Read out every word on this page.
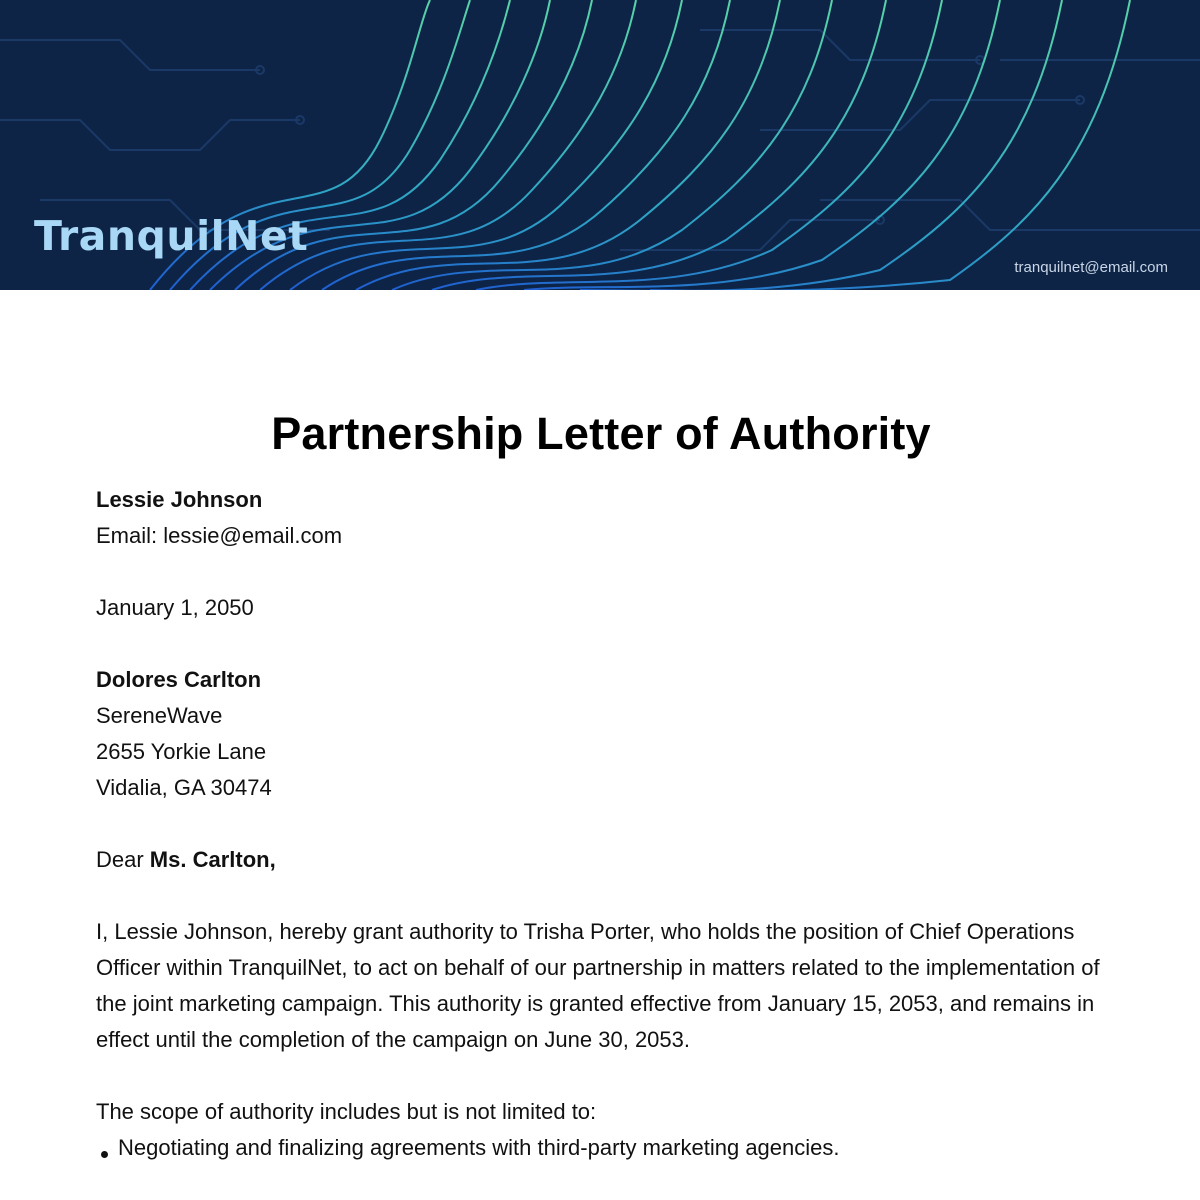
TranquilNet
tranquilnet@email.com
Partnership Letter of Authority
Lessie Johnson
Email: lessie@email.com
January 1, 2050
Dolores Carlton
SereneWave
2655 Yorkie Lane
Vidalia, GA 30474
Dear Ms. Carlton,
I, Lessie Johnson, hereby grant authority to Trisha Porter, who holds the position of Chief Operations Officer within TranquilNet, to act on behalf of our partnership in matters related to the implementation of the joint marketing campaign. This authority is granted effective from January 15, 2053, and remains in effect until the completion of the campaign on June 30, 2053.
The scope of authority includes but is not limited to:
Negotiating and finalizing agreements with third-party marketing agencies.
